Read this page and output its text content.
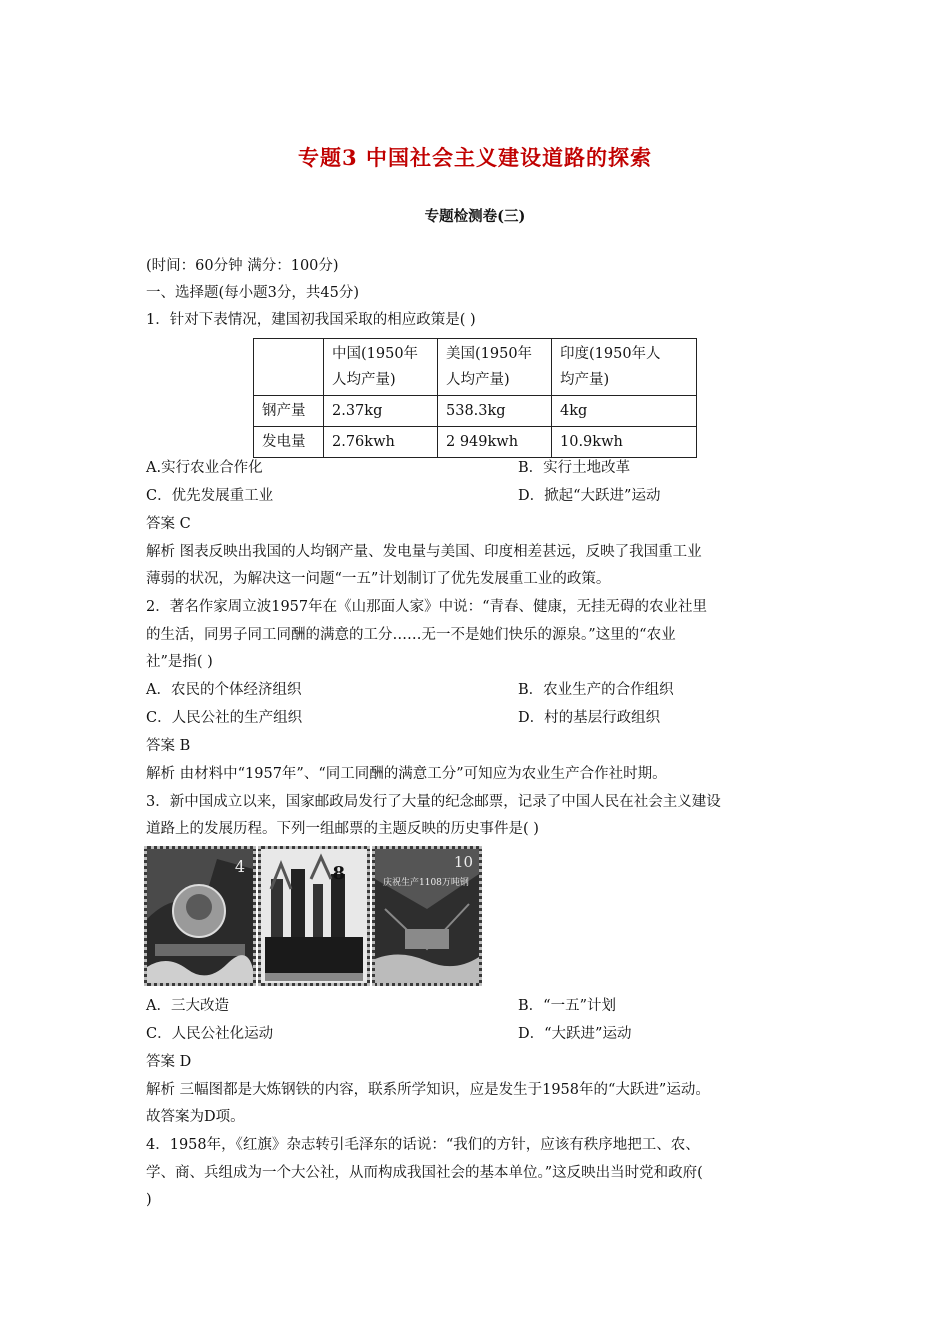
专题3 中国社会主义建设道路的探索
专题检测卷(三)
(时间：60分钟 满分：100分)
一、选择题(每小题3分，共45分)
1．针对下表情况，建国初我国采取的相应政策是( )
	中国(1950年
人均产量)	美国(1950年
人均产量)	印度(1950年人
均产量)
钢产量	2.37kg	538.3kg	4kg
发电量	2.76kwh	2 949kwh	10.9kwh
A.实行农业合作化	B．实行土地改革
C．优先发展重工业	D．掀起“大跃进”运动
答案 C
解析 图表反映出我国的人均钢产量、发电量与美国、印度相差甚远，反映了我国重工业
薄弱的状况，为解决这一问题“一五”计划制订了优先发展重工业的政策。
2．著名作家周立波1957年在《山那面人家》中说：“青春、健康，无挂无碍的农业社里
的生活，同男子同工同酬的满意的工分……无一不是她们快乐的源泉。”这里的“农业
社”是指( )
A．农民的个体经济组织	B．农业生产的合作组织
C．人民公社的生产组织	D．村的基层行政组织
答案 B
解析 由材料中“1957年”、“同工同酬的满意工分”可知应为农业生产合作社时期。
3．新中国成立以来，国家邮政局发行了大量的纪念邮票，记录了中国人民在社会主义建设
道路上的发展历程。下列一组邮票的主题反映的历史事件是( )
4	8
10
庆祝生产1108万吨钢
A．三大改造	B．“一五”计划
C．人民公社化运动	D．“大跃进”运动
答案 D
解析 三幅图都是大炼钢铁的内容，联系所学知识，应是发生于1958年的“大跃进”运动。
故答案为D项。
4．1958年，《红旗》杂志转引毛泽东的话说：“我们的方针，应该有秩序地把工、农、
学、商、兵组成为一个大公社，从而构成我国社会的基本单位。”这反映出当时党和政府(
)
